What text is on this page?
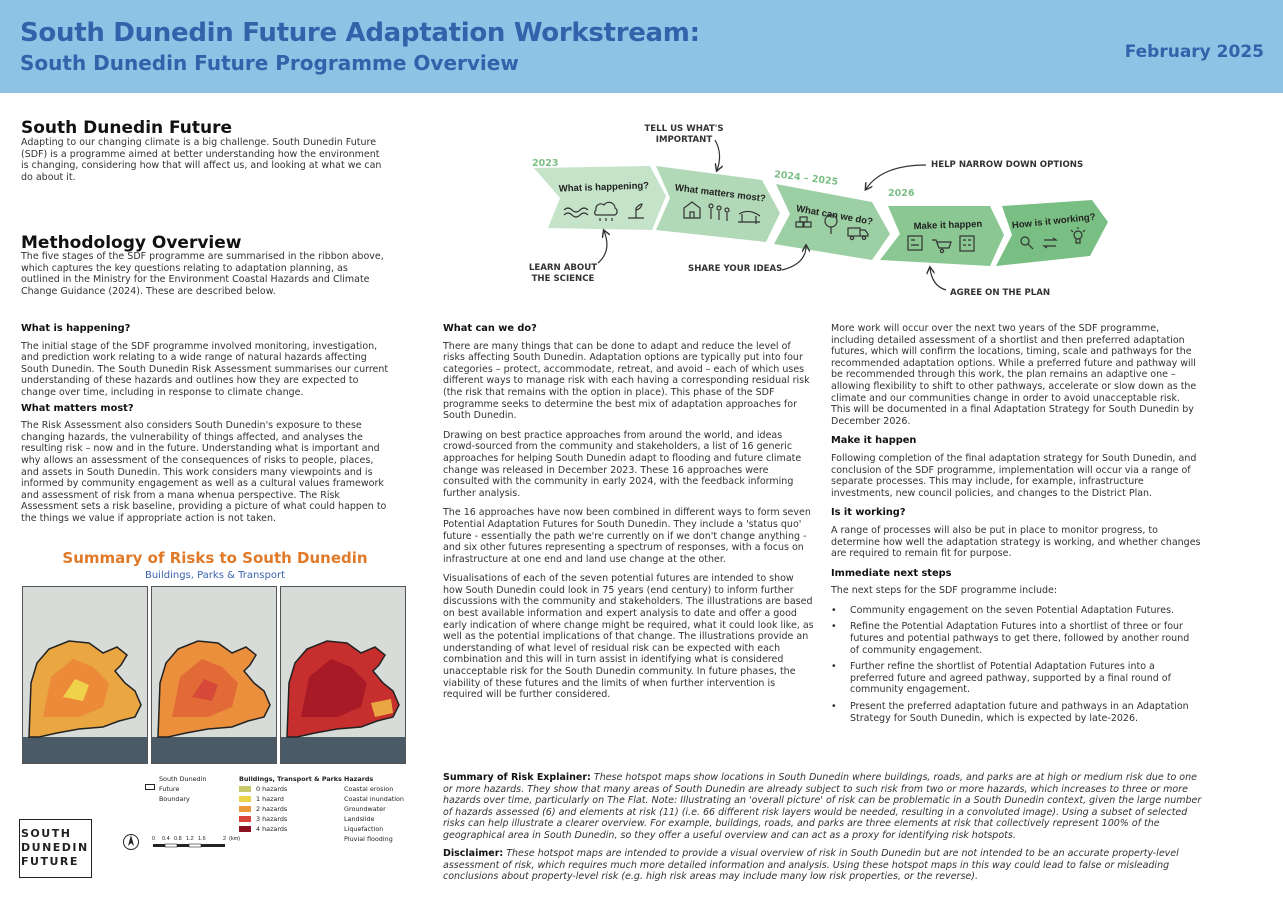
South Dunedin Future Adaptation Workstream:
South Dunedin Future Programme Overview	February 2025
South Dunedin Future
Adapting to our changing climate is a big challenge. South Dunedin Future (SDF) is a programme aimed at better understanding how the environment is changing, considering how that will affect us, and looking at what we can do about it.
Methodology Overview
The five stages of the SDF programme are summarised in the ribbon above, which captures the key questions relating to adaptation planning, as outlined in the Ministry for the Environment Coastal Hazards and Climate Change Guidance (2024). These are described below.
What is happening?	What matters most?
What can we do?	Make it happen	How is it working?
2023
2024 – 2025
2026
TELL US WHAT'S
IMPORTANT
HELP NARROW DOWN OPTIONS
LEARN ABOUT
THE SCIENCE
SHARE YOUR IDEAS
AGREE ON THE PLAN
What is happening?

The initial stage of the SDF programme involved monitoring, investigation, and prediction work relating to a wide range of natural hazards affecting South Dunedin. The South Dunedin Risk Assessment summarises our current understanding of these hazards and outlines how they are expected to change over time, including in response to climate change.

What matters most?

The Risk Assessment also considers South Dunedin's exposure to these changing hazards, the vulnerability of things affected, and analyses the resulting risk – now and in the future. Understanding what is important and why allows an assessment of the consequences of risks to people, places, and assets in South Dunedin. This work considers many viewpoints and is informed by community engagement as well as a cultural values framework and assessment of risk from a mana whenua perspective. The Risk Assessment sets a risk baseline, providing a picture of what could happen to the things we value if appropriate action is not taken.

What can we do?

There are many things that can be done to adapt and reduce the level of risks affecting South Dunedin. Adaptation options are typically put into four categories – protect, accommodate, retreat, and avoid – each of which uses different ways to manage risk with each having a corresponding residual risk (the risk that remains with the option in place). This phase of the SDF programme seeks to determine the best mix of adaptation approaches for South Dunedin.

Drawing on best practice approaches from around the world, and ideas crowd-sourced from the community and stakeholders, a list of 16 generic approaches for helping South Dunedin adapt to flooding and future climate change was released in December 2023. These 16 approaches were consulted with the community in early 2024, with the feedback informing further analysis.

The 16 approaches have now been combined in different ways to form seven Potential Adaptation Futures for South Dunedin. They include a 'status quo' future - essentially the path we're currently on if we don't change anything - and six other futures representing a spectrum of responses, with a focus on infrastructure at one end and land use change at the other.

Visualisations of each of the seven potential futures are intended to show how South Dunedin could look in 75 years (end century) to inform further discussions with the community and stakeholders. The illustrations are based on best available information and expert analysis to date and offer a good early indication of where change might be required, what it could look like, as well as the potential implications of that change. The illustrations provide an understanding of what level of residual risk can be expected with each combination and this will in turn assist in identifying what is considered unacceptable risk for the South Dunedin community. In future phases, the viability of these futures and the limits of when further intervention is required will be further considered.

More work will occur over the next two years of the SDF programme, including detailed assessment of a shortlist and then preferred adaptation futures, which will confirm the locations, timing, scale and pathways for the recommended adaptation options. While a preferred future and pathway will be recommended through this work, the plan remains an adaptive one – allowing flexibility to shift to other pathways, accelerate or slow down as the climate and our communities change in order to avoid unacceptable risk. This will be documented in a final Adaptation Strategy for South Dunedin by December 2026.

Make it happen

Following completion of the final adaptation strategy for South Dunedin, and conclusion of the SDF programme, implementation will occur via a range of separate processes. This may include, for example, infrastructure investments, new council policies, and changes to the District Plan.

Is it working?

A range of processes will also be put in place to monitor progress, to determine how well the adaptation strategy is working, and whether changes are required to remain fit for purpose.

Immediate next steps

The next steps for the SDF programme include:

• Community engagement on the seven Potential Adaptation Futures.
• Refine the Potential Adaptation Futures into a shortlist of three or four futures and potential pathways to get there, followed by another round of community engagement.
• Further refine the shortlist of Potential Adaptation Futures into a preferred future and agreed pathway, supported by a final round of community engagement.
• Present the preferred adaptation future and pathways in an Adaptation Strategy for South Dunedin, which is expected by late-2026.
Summary of Risks to South Dunedin
Buildings, Parks & Transport
South Dunedin
Future
Boundary
Buildings, Transport & Parks
0 hazards
1 hazard
2 hazards
3 hazards
4 hazards
Hazards
Coastal erosion
Coastal inundation
Groundwater
Landslide
Liquefaction
Pluvial flooding
0 0.4 0.8 1.2 1.6	2 (km)
SOUTH
DUNEDIN
FUTURE
Summary of Risk Explainer: These hotspot maps show locations in South Dunedin where buildings, roads, and parks are at high or medium risk due to one or more hazards. They show that many areas of South Dunedin are already subject to such risk from two or more hazards, which increases to three or more hazards over time, particularly on The Flat. Note: Illustrating an 'overall picture' of risk can be problematic in a South Dunedin context, given the large number of hazards assessed (6) and elements at risk (11) (i.e. 66 different risk layers would be needed, resulting in a convoluted image). Using a subset of selected risks can help illustrate a clearer overview. For example, buildings, roads, and parks are three elements at risk that collectively represent 100% of the geographical area in South Dunedin, so they offer a useful overview and can act as a proxy for identifying risk hotspots.
Disclaimer: These hotspot maps are intended to provide a visual overview of risk in South Dunedin but are not intended to be an accurate property-level assessment of risk, which requires much more detailed information and analysis. Using these hotspot maps in this way could lead to false or misleading conclusions about property-level risk (e.g. high risk areas may include many low risk properties, or the reverse).
